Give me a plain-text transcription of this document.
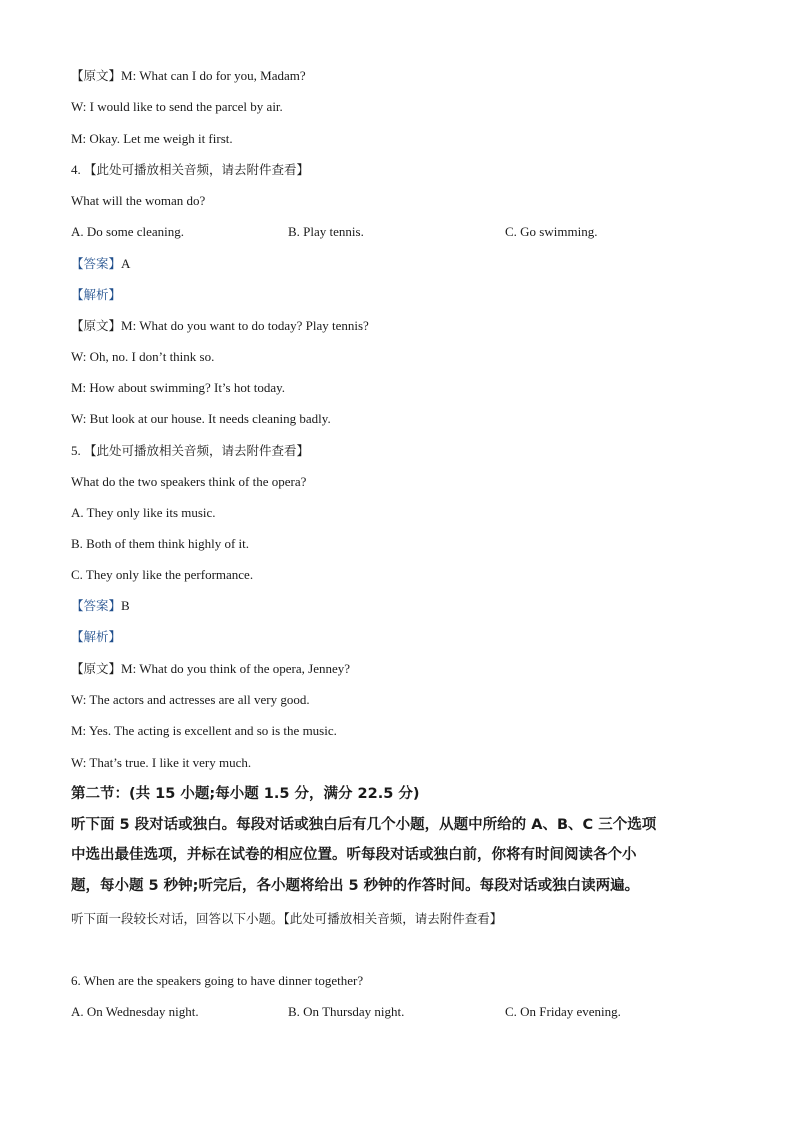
【原文】M: What can I do for you, Madam?
W: I would like to send the parcel by air.
M: Okay. Let me weigh it first.
4. 【此处可播放相关音频，请去附件查看】
What will the woman do?
A. Do some cleaning.	B. Play tennis.	C. Go swimming.
【答案】A
【解析】
【原文】M: What do you want to do today? Play tennis?
W: Oh, no. I don’t think so.
M: How about swimming? It’s hot today.
W: But look at our house. It needs cleaning badly.
5. 【此处可播放相关音频，请去附件查看】
What do the two speakers think of the opera?
A. They only like its music.
B. Both of them think highly of it.
C. They only like the performance.
【答案】B
【解析】
【原文】M: What do you think of the opera, Jenney?
W: The actors and actresses are all very good.
M: Yes. The acting is excellent and so is the music.
W: That’s true. I like it very much.
第二节：(共 15 小题;每小题 1.5 分，满分 22.5 分)
听下面 5 段对话或独白。每段对话或独白后有几个小题，从题中所给的 A、B、C 三个选项
中选出最佳选项，并标在试卷的相应位置。听每段对话或独白前，你将有时间阅读各个小
题，每小题 5 秒钟;听完后，各小题将给出 5 秒钟的作答时间。每段对话或独白读两遍。
听下面一段较长对话，回答以下小题。【此处可播放相关音频，请去附件查看】
6. When are the speakers going to have dinner together?
A. On Wednesday night.	B. On Thursday night.	C. On Friday evening.
